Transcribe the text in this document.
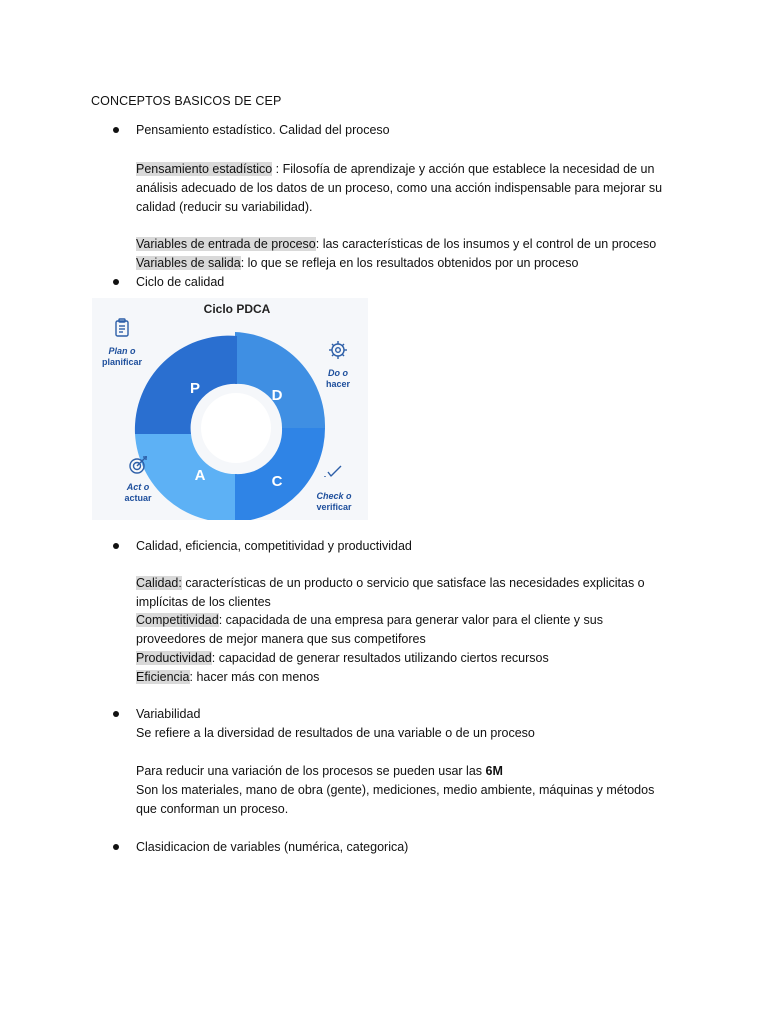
CONCEPTOS BASICOS DE CEP
Pensamiento estadístico. Calidad del proceso
Pensamiento estadístico : Filosofía de aprendizaje y acción que establece la necesidad de un
análisis adecuado de los datos de un proceso, como una acción indispensable para mejorar su
calidad (reducir su variabilidad).
Variables de entrada de proceso: las características de los insumos y el control de un proceso
Variables de salida: lo que se refleja en los resultados obtenidos por un proceso
Ciclo de calidad
Ciclo PDCA
P	D
C
A
Plan o
planificar
Do o
hacer
Check o
verificar
Act o
actuar
Calidad, eficiencia, competitividad y productividad
Calidad: características de un producto o servicio que satisface las necesidades explicitas o
implícitas de los clientes
Competitividad: capacidada de una empresa para generar valor para el cliente y sus
proveedores de mejor manera que sus competifores
Productividad: capacidad de generar resultados utilizando ciertos recursos
Eficiencia: hacer más con menos
Variabilidad
Se refiere a la diversidad de resultados de una variable o de un proceso
Para reducir una variación de los procesos se pueden usar las 6M
Son los materiales, mano de obra (gente), mediciones, medio ambiente, máquinas y métodos
que conforman un proceso.
Clasidicacion de variables (numérica, categorica)
